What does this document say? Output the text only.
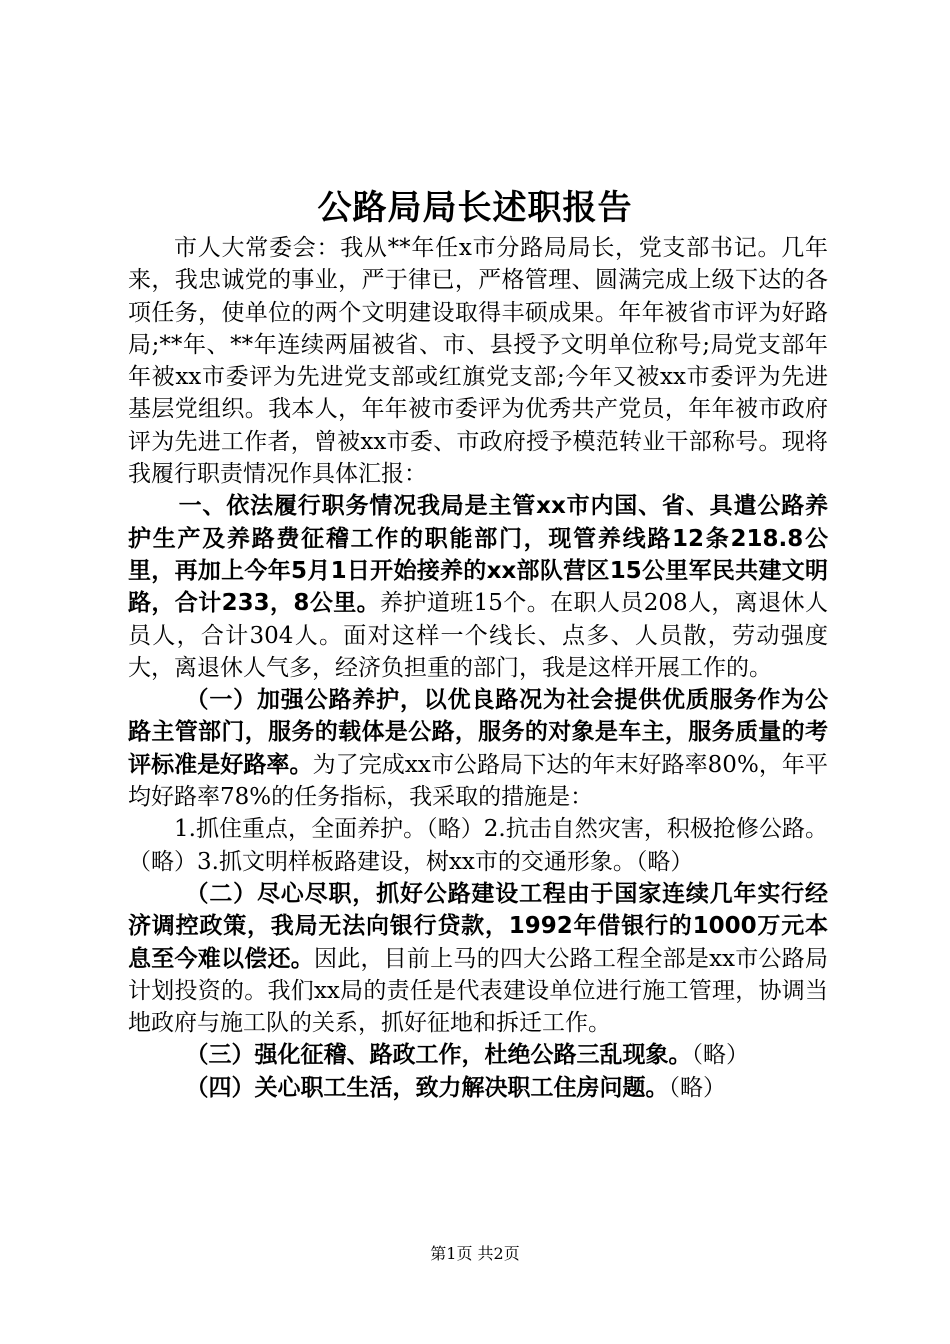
公路局局长述职报告

市人大常委会：我从**年任x市分路局局长，党支部书记。几年来，我忠诚党的事业，严于律已，严格管理、圆满完成上级下达的各项任务，使单位的两个文明建设取得丰硕成果。年年被省市评为好路局;**年、**年连续两届被省、市、县授予文明单位称号;局党支部年年被xx市委评为先进党支部或红旗党支部;今年又被xx市委评为先进基层党组织。我本人，年年被市委评为优秀共产党员，年年被市政府评为先进工作者，曾被xx市委、市政府授予模范转业干部称号。现将我履行职责情况作具体汇报：

一、依法履行职务情况我局是主管xx市内国、省、具遣公路养护生产及养路费征稽工作的职能部门，现管养线路12条218.8公里，再加上今年5月1日开始接养的xx部队营区15公里军民共建文明路，合计233，8公里。养护道班15个。在职人员208人，离退休人员人，合计304人。面对这样一个线长、点多、人员散，劳动强度大，离退休人气多，经济负担重的部门，我是这样开展工作的。

（一）加强公路养护，以优良路况为社会提供优质服务作为公路主管部门，服务的载体是公路，服务的对象是车主，服务质量的考评标准是好路率。为了完成xx市公路局下达的年末好路率80%，年平均好路率78%的任务指标，我采取的措施是：

1.抓住重点，全面养护。（略）2.抗击自然灾害，积极抢修公路。（略）3.抓文明样板路建设，树xx市的交通形象。（略）

（二）尽心尽职，抓好公路建设工程由于国家连续几年实行经济调控政策，我局无法向银行贷款，1992年借银行的1000万元本息至今难以偿还。因此，目前上马的四大公路工程全部是xx市公路局计划投资的。我们xx局的责任是代表建设单位进行施工管理，协调当地政府与施工队的关系，抓好征地和拆迁工作。

（三）强化征稽、路政工作，杜绝公路三乱现象。（略）

（四）关心职工生活，致力解决职工住房问题。（略）

第1页 共2页
